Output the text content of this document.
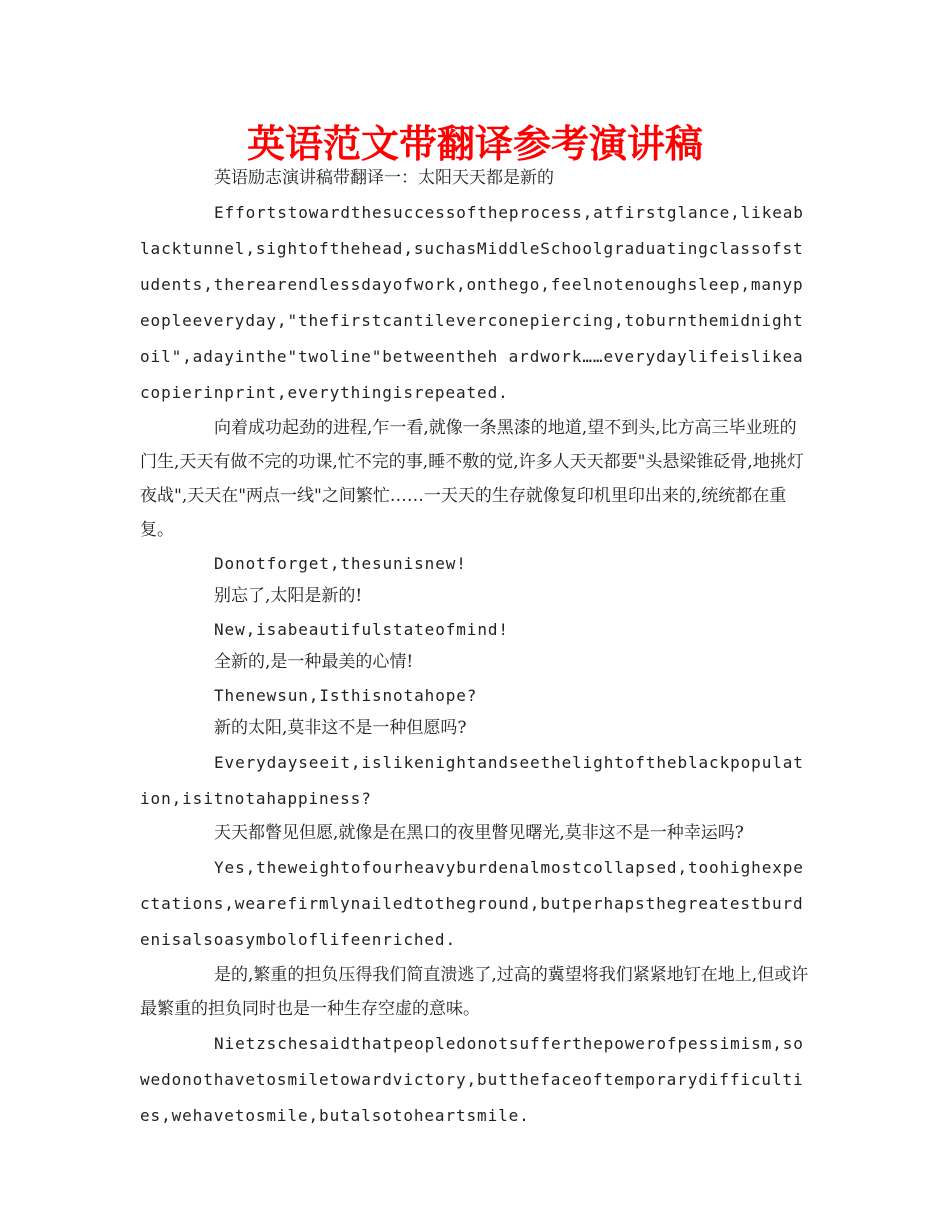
英语范文带翻译参考演讲稿

英语励志演讲稿带翻译一：太阳天天都是新的

Effortstowardthesuccessoftheprocess,atfirstglance,likeablacktunnel,sightofthehead,suchasMiddleSchoolgraduatingclassofstudents,therearendlessdayofwork,onthego,feelnotenoughsleep,manypeopleeveryday,"thefirstcantileverconepiercing,toburnthemidnightoil",adayinthe"twoline"betweentheh ardwork……everydaylifeislikeacopierinprint,everythingisrepeated.

向着成功起劲的进程,乍一看,就像一条黑漆的地道,望不到头,比方高三毕业班的门生,天天有做不完的功课,忙不完的事,睡不敷的觉,许多人天天都要"头悬梁锥砭骨,地挑灯夜战",天天在"两点一线"之间繁忙……一天天的生存就像复印机里印出来的,统统都在重复。

Donotforget,thesunisnew!

别忘了,太阳是新的!

New,isabeautifulstateofmind!

全新的,是一种最美的心情!

Thenewsun,Isthisnotahope?

新的太阳,莫非这不是一种但愿吗?

Everydayseeit,islikenightandseethelightoftheblackpopulation,isitnotahappiness?

天天都瞥见但愿,就像是在黑口的夜里瞥见曙光,莫非这不是一种幸运吗?

Yes,theweightofourheavyburdenalmostcollapsed,toohighexpectations,wearefirmlynailedtotheground,butperhapsthegreatestburdenisalsoasymboloflifeenriched.

是的,繁重的担负压得我们简直溃逃了,过高的冀望将我们紧紧地钉在地上,但或许最繁重的担负同时也是一种生存空虚的意味。

Nietzschesaidthatpeopledonotsufferthepowerofpessimism,sowedonothavetosmiletowardvictory,butthefaceoftemporarydifficulties,wehavetosmile,butalsotoheartsmile.
